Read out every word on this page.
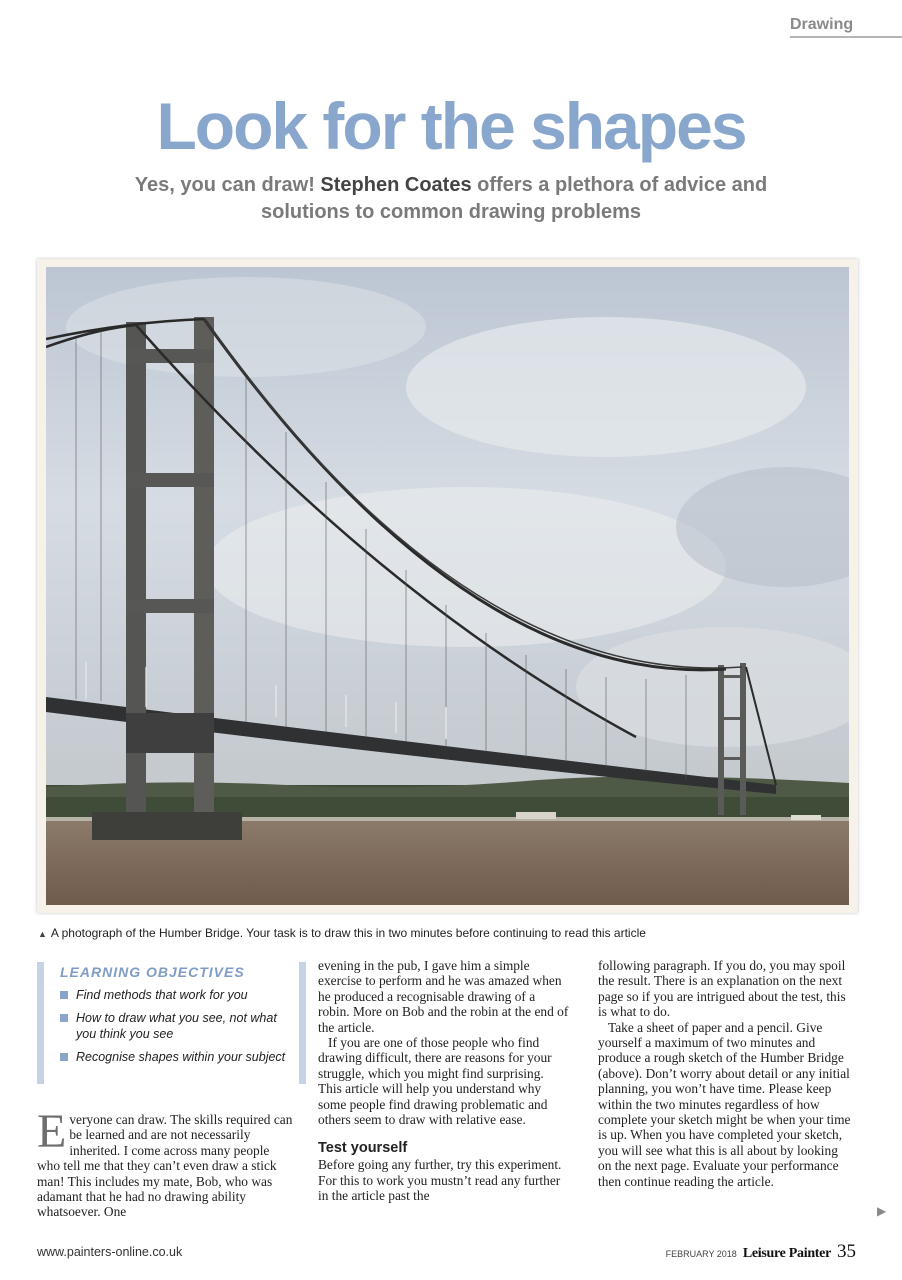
Drawing
Look for the shapes
Yes, you can draw! Stephen Coates offers a plethora of advice and solutions to common drawing problems
▲ A photograph of the Humber Bridge. Your task is to draw this in two minutes before continuing to read this article
LEARNING OBJECTIVES
Find methods that work for you
How to draw what you see, not what you think you see
Recognise shapes within your subject

Everyone can draw. The skills required can be learned and are not necessarily inherited. I come across many people who tell me that they can’t even draw a stick man! This includes my mate, Bob, who was adamant that he had no drawing ability whatsoever. One

evening in the pub, I gave him a simple exercise to perform and he was amazed when he produced a recognisable drawing of a robin. More on Bob and the robin at the end of the article.

If you are one of those people who find drawing difficult, there are reasons for your struggle, which you might find surprising. This article will help you understand why some people find drawing problematic and others seem to draw with relative ease.

Test yourself

Before going any further, try this experiment. For this to work you mustn’t read any further in the article past the

following paragraph. If you do, you may spoil the result. There is an explanation on the next page so if you are intrigued about the test, this is what to do.

Take a sheet of paper and a pencil. Give yourself a maximum of two minutes and produce a rough sketch of the Humber Bridge (above). Don’t worry about detail or any initial planning, you won’t have time. Please keep within the two minutes regardless of how complete your sketch might be when your time is up. When you have completed your sketch, you will see what this is all about by looking on the next page. Evaluate your performance then continue reading the article.

▶
www.painters-online.co.uk	FEBRUARY 2018 Leisure Painter 35
